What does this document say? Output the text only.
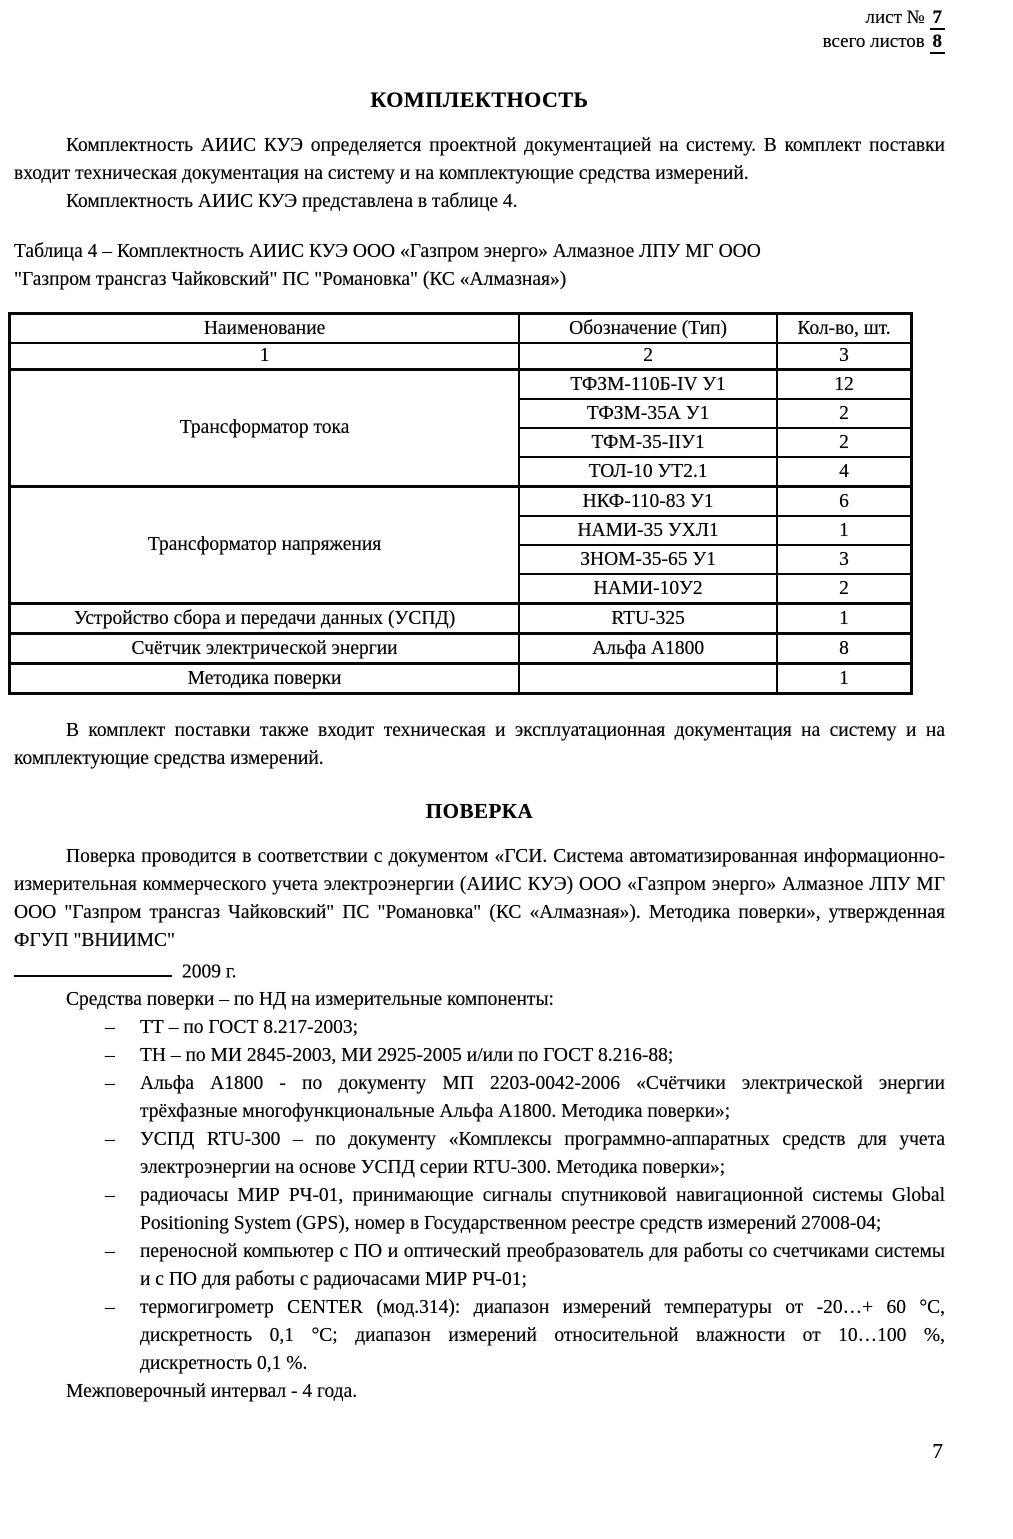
лист № 7
всего листов 8
КОМПЛЕКТНОСТЬ

Комплектность АИИС КУЭ определяется проектной документацией на систему. В комплект поставки входит техническая документация на систему и на комплектующие средства измерений.

Комплектность АИИС КУЭ представлена в таблице 4.

Таблица 4 – Комплектность АИИС КУЭ ООО «Газпром энерго» Алмазное ЛПУ МГ ООО "Газпром трансгаз Чайковский" ПС "Романовка" (КС «Алмазная»)

Наименование	Обозначение (Тип)	Кол-во, шт.
1	2	3
Трансформатор тока	ТФЗМ-110Б-IV У1	12
	ТФЗМ-35А У1	2
	ТФМ-35-IIУ1	2
	ТОЛ-10 УТ2.1	4
Трансформатор напряжения	НКФ-110-83 У1	6
	НАМИ-35 УХЛ1	1
	ЗНОМ-35-65 У1	3
	НАМИ-10У2	2
Устройство сбора и передачи данных (УСПД)	RTU-325	1
Счётчик электрической энергии	Альфа А1800	8
Методика поверки		1

В комплект поставки также входит техническая и эксплуатационная документация на систему и на комплектующие средства измерений.

ПОВЕРКА

Поверка проводится в соответствии с документом «ГСИ. Система автоматизированная информационно-измерительная коммерческого учета электроэнергии (АИИС КУЭ) ООО «Газпром энерго» Алмазное ЛПУ МГ ООО "Газпром трансгаз Чайковский" ПС "Романовка" (КС «Алмазная»). Методика поверки», утвержденная ФГУП "ВНИИМС"

2009 г.

Средства поверки – по НД на измерительные компоненты:

– ТТ – по ГОСТ 8.217-2003;
– ТН – по МИ 2845-2003, МИ 2925-2005 и/или по ГОСТ 8.216-88;
– Альфа А1800 - по документу МП 2203-0042-2006 «Счётчики электрической энергии трёхфазные многофункциональные Альфа А1800. Методика поверки»;
– УСПД RTU-300 – по документу «Комплексы программно-аппаратных средств для учета электроэнергии на основе УСПД серии RTU-300. Методика поверки»;
– радиочасы МИР РЧ-01, принимающие сигналы спутниковой навигационной системы Global Positioning System (GPS), номер в Государственном реестре средств измерений 27008-04;
– переносной компьютер с ПО и оптический преобразователь для работы со счетчиками системы и с ПО для работы с радиочасами МИР РЧ-01;
– термогигрометр CENTER (мод.314): диапазон измерений температуры от -20…+ 60 °С, дискретность 0,1 °С; диапазон измерений относительной влажности от 10…100 %, дискретность 0,1 %.

Межповерочный интервал - 4 года.

7
